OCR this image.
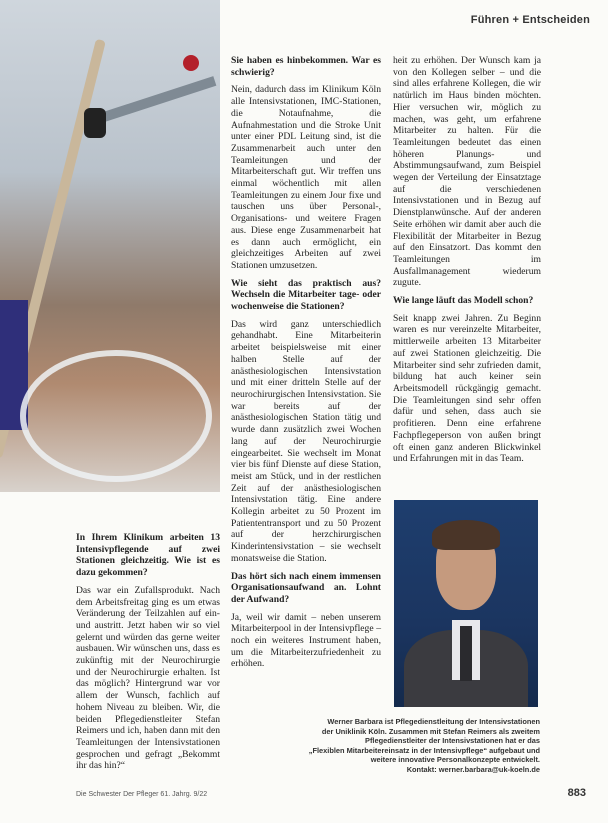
Führen + Entscheiden

In Ihrem Klinikum arbeiten 13 Intensivpflegende auf zwei Stationen gleichzeitig. Wie ist es dazu gekommen?

Das war ein Zufallsprodukt. Nach dem Arbeitsfreitag ging es um etwas Veränderung der Teilzahlen auf ein- und austritt. Jetzt haben wir so viel gelernt und würden das gerne weiter ausbauen. Wir wünschen uns, dass es zukünftig mit der Neurochirurgie und der Neurochirurgie erhalten. Ist das möglich? Hintergrund war vor allem der Wunsch, fachlich auf hohem Niveau zu bleiben. Wir, die beiden Pflegedienstleiter Stefan Reimers und ich, haben dann mit den Teamleitungen der Intensivstationen gesprochen und gefragt „Bekommt ihr das hin?“

Sie haben es hinbekommen. War es schwierig?

Nein, dadurch dass im Klinikum Köln alle Intensivstationen, IMC-Stationen, die Notaufnahme, die Aufnahmestation und die Stroke Unit unter einer PDL Leitung sind, ist die Zusammenarbeit auch unter den Teamleitungen und der Mitarbeiterschaft gut. Wir treffen uns einmal wöchentlich mit allen Teamleitungen zu einem Jour fixe und tauschen uns über Personal-, Organisations- und weitere Fragen aus. Diese enge Zusammenarbeit hat es dann auch ermöglicht, ein gleichzeitiges Arbeiten auf zwei Stationen umzusetzen.

Wie sieht das praktisch aus? Wechseln die Mitarbeiter tage- oder wochenweise die Stationen?

Das wird ganz unterschiedlich gehandhabt. Eine Mitarbeiterin arbeitet beispielsweise mit einer halben Stelle auf der anästhesiologischen Intensivstation und mit einer dritteln Stelle auf der neurochirurgischen Intensivstation. Sie war bereits auf der anästhesiologischen Station tätig und wurde dann zusätzlich zwei Wochen lang auf der Neurochirurgie eingearbeitet. Sie wechselt im Monat vier bis fünf Dienste auf diese Station, meist am Stück, und in der restlichen Zeit auf der anästhesiologischen Intensivstation tätig. Eine andere Kollegin arbeitet zu 50 Prozent im Patiententransport und zu 50 Prozent auf der herzchirurgischen Kinderintensivstation – sie wechselt monatsweise die Station.

Das hört sich nach einem immensen Organisationsaufwand an. Lohnt der Aufwand?

Ja, weil wir damit – neben unserem Mitarbeiterpool in der Intensivpflege – noch ein weiteres Instrument haben, um die Mitarbeiterzufriedenheit zu erhöhen.

heit zu erhöhen. Der Wunsch kam ja von den Kollegen selber – und die sind alles erfahrene Kollegen, die wir natürlich im Haus binden möchten. Hier versuchen wir, möglich zu machen, was geht, um erfahrene Mitarbeiter zu halten. Für die Teamleitungen bedeutet das einen höheren Planungs- und Abstimmungsaufwand, zum Beispiel wegen der Verteilung der Einsatztage auf die verschiedenen Intensivstationen und in Bezug auf Dienstplanwünsche. Auf der anderen Seite erhöhen wir damit aber auch die Flexibilität der Mitarbeiter in Bezug auf den Einsatzort. Das kommt den Teamleitungen im Ausfallmanagement wiederum zugute.

Wie lange läuft das Modell schon?

Seit knapp zwei Jahren. Zu Beginn waren es nur vereinzelte Mitarbeiter, mittlerweile arbeiten 13 Mitarbeiter auf zwei Stationen gleichzeitig. Die Mitarbeiter sind sehr zufrieden damit, bildung hat auch keiner sein Arbeitsmodell rückgängig gemacht. Die Teamleitungen sind sehr offen dafür und sehen, dass auch sie profitieren. Denn eine erfahrene Fachpflegeperson von außen bringt oft einen ganz anderen Blickwinkel und Erfahrungen mit in das Team.

Werner Barbara ist Pflegedienstleitung der Intensivstationen
der Uniklinik Köln. Zusammen mit Stefan Reimers als zweitem
Pflegedienstleiter der Intensivstationen hat er das
„Flexiblen Mitarbeitereinsatz in der Intensivpflege“ aufgebaut und
weitere innovative Personalkonzepte entwickelt.
Kontakt: werner.barbara@uk-koeln.de
Die Schwester Der Pfleger 61. Jahrg. 9/22	883
